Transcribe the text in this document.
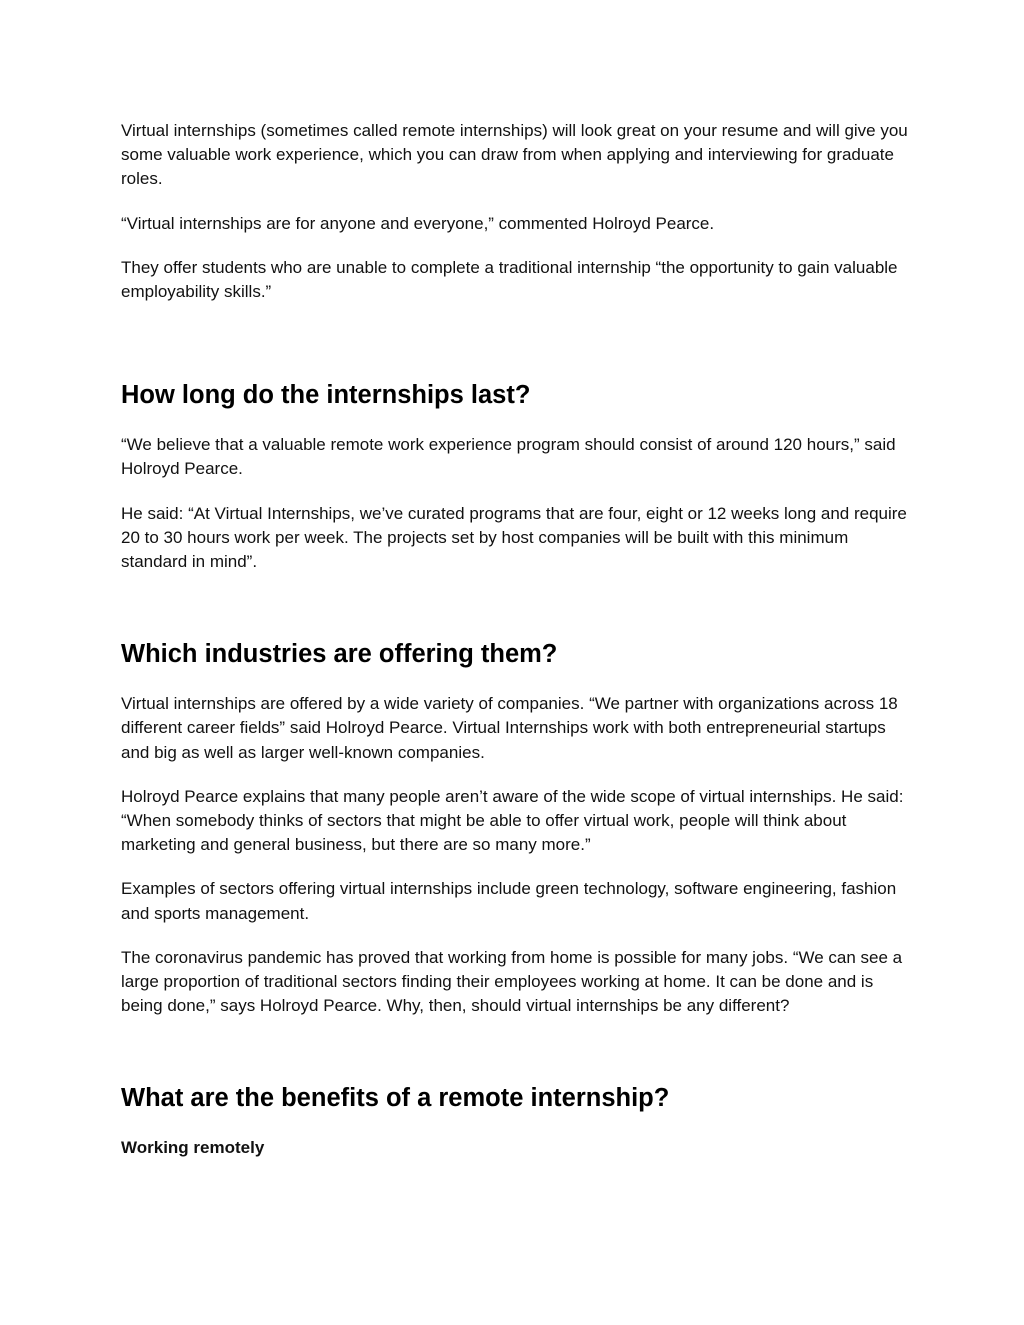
Virtual internships (sometimes called remote internships) will look great on your resume and will give you some valuable work experience, which you can draw from when applying and interviewing for graduate roles.

“Virtual internships are for anyone and everyone,” commented Holroyd Pearce.

They offer students who are unable to complete a traditional internship “the opportunity to gain valuable employability skills.”

How long do the internships last?

“We believe that a valuable remote work experience program should consist of around 120 hours,” said Holroyd Pearce.

He said: “At Virtual Internships, we’ve curated programs that are four, eight or 12 weeks long and require 20 to 30 hours work per week. The projects set by host companies will be built with this minimum standard in mind”.

Which industries are offering them?

Virtual internships are offered by a wide variety of companies. “We partner with organizations across 18 different career fields” said Holroyd Pearce. Virtual Internships work with both entrepreneurial startups and big as well as larger well-known companies.

Holroyd Pearce explains that many people aren’t aware of the wide scope of virtual internships. He said: “When somebody thinks of sectors that might be able to offer virtual work, people will think about marketing and general business, but there are so many more.”

Examples of sectors offering virtual internships include green technology, software engineering, fashion and sports management.

The coronavirus pandemic has proved that working from home is possible for many jobs. “We can see a large proportion of traditional sectors finding their employees working at home. It can be done and is being done,” says Holroyd Pearce. Why, then, should virtual internships be any different?

What are the benefits of a remote internship?

Working remotely
